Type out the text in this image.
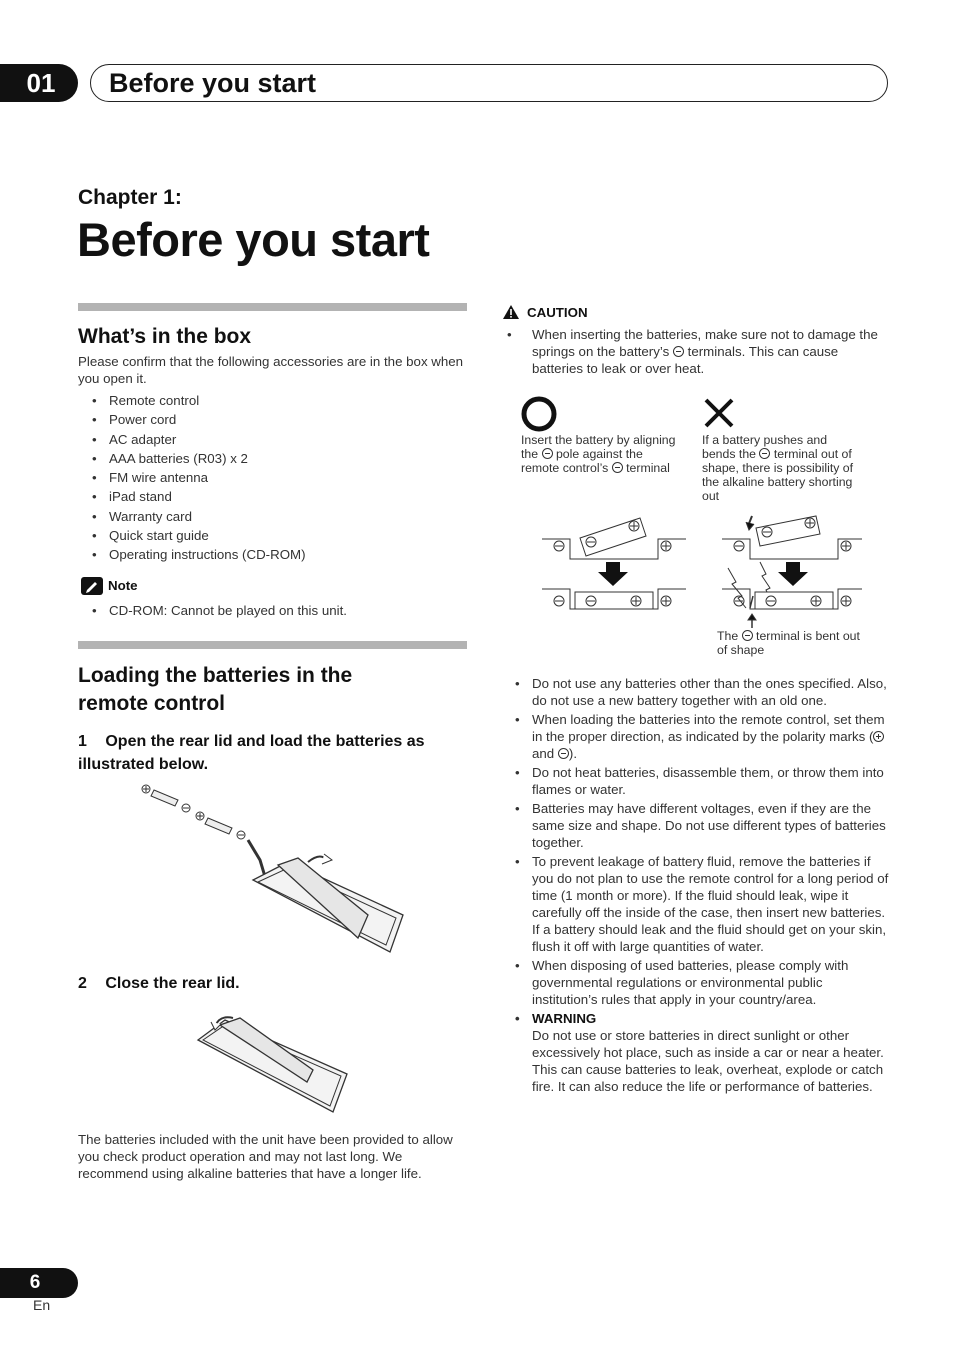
01	Before you start
Chapter 1:
Before you start
What’s in the box
Please confirm that the following accessories are in the box when you open it.
• Remote control
• Power cord
• AC adapter
• AAA batteries (R03) x 2
• FM wire antenna
• iPad stand
• Warranty card
• Quick start guide
• Operating instructions (CD-ROM)
Note
• CD-ROM: Cannot be played on this unit.
Loading the batteries in the
remote control
1 Open the rear lid and load the batteries as
illustrated below.
2 Close the rear lid.
The batteries included with the unit have been provided to allow you check product operation and may not last long. We recommend using alkaline batteries that have a longer life.
CAUTION
• When inserting the batteries, make sure not to damage the springs on the battery’s terminals. This can cause batteries to leak or over heat.
Insert the battery by aligning the pole against the remote control’s terminal
If a battery pushes and bends the terminal out of shape, there is possibility of the alkaline battery shorting out
The terminal is bent out of shape
• Do not use any batteries other than the ones specified. Also, do not use a new battery together with an old one.
• When loading the batteries into the remote control, set them in the proper direction, as indicated by the polarity marks ( and ).
• Do not heat batteries, disassemble them, or throw them into flames or water.
• Batteries may have different voltages, even if they are the same size and shape. Do not use different types of batteries together.
• To prevent leakage of battery fluid, remove the batteries if you do not plan to use the remote control for a long period of time (1 month or more). If the fluid should leak, wipe it carefully off the inside of the case, then insert new batteries. If a battery should leak and the fluid should get on your skin, flush it off with large quantities of water.
• When disposing of used batteries, please comply with governmental regulations or environmental public institution’s rules that apply in your country/area.
• WARNING
Do not use or store batteries in direct sunlight or other excessively hot place, such as inside a car or near a heater. This can cause batteries to leak, overheat, explode or catch fire. It can also reduce the life or performance of batteries.
6
En
